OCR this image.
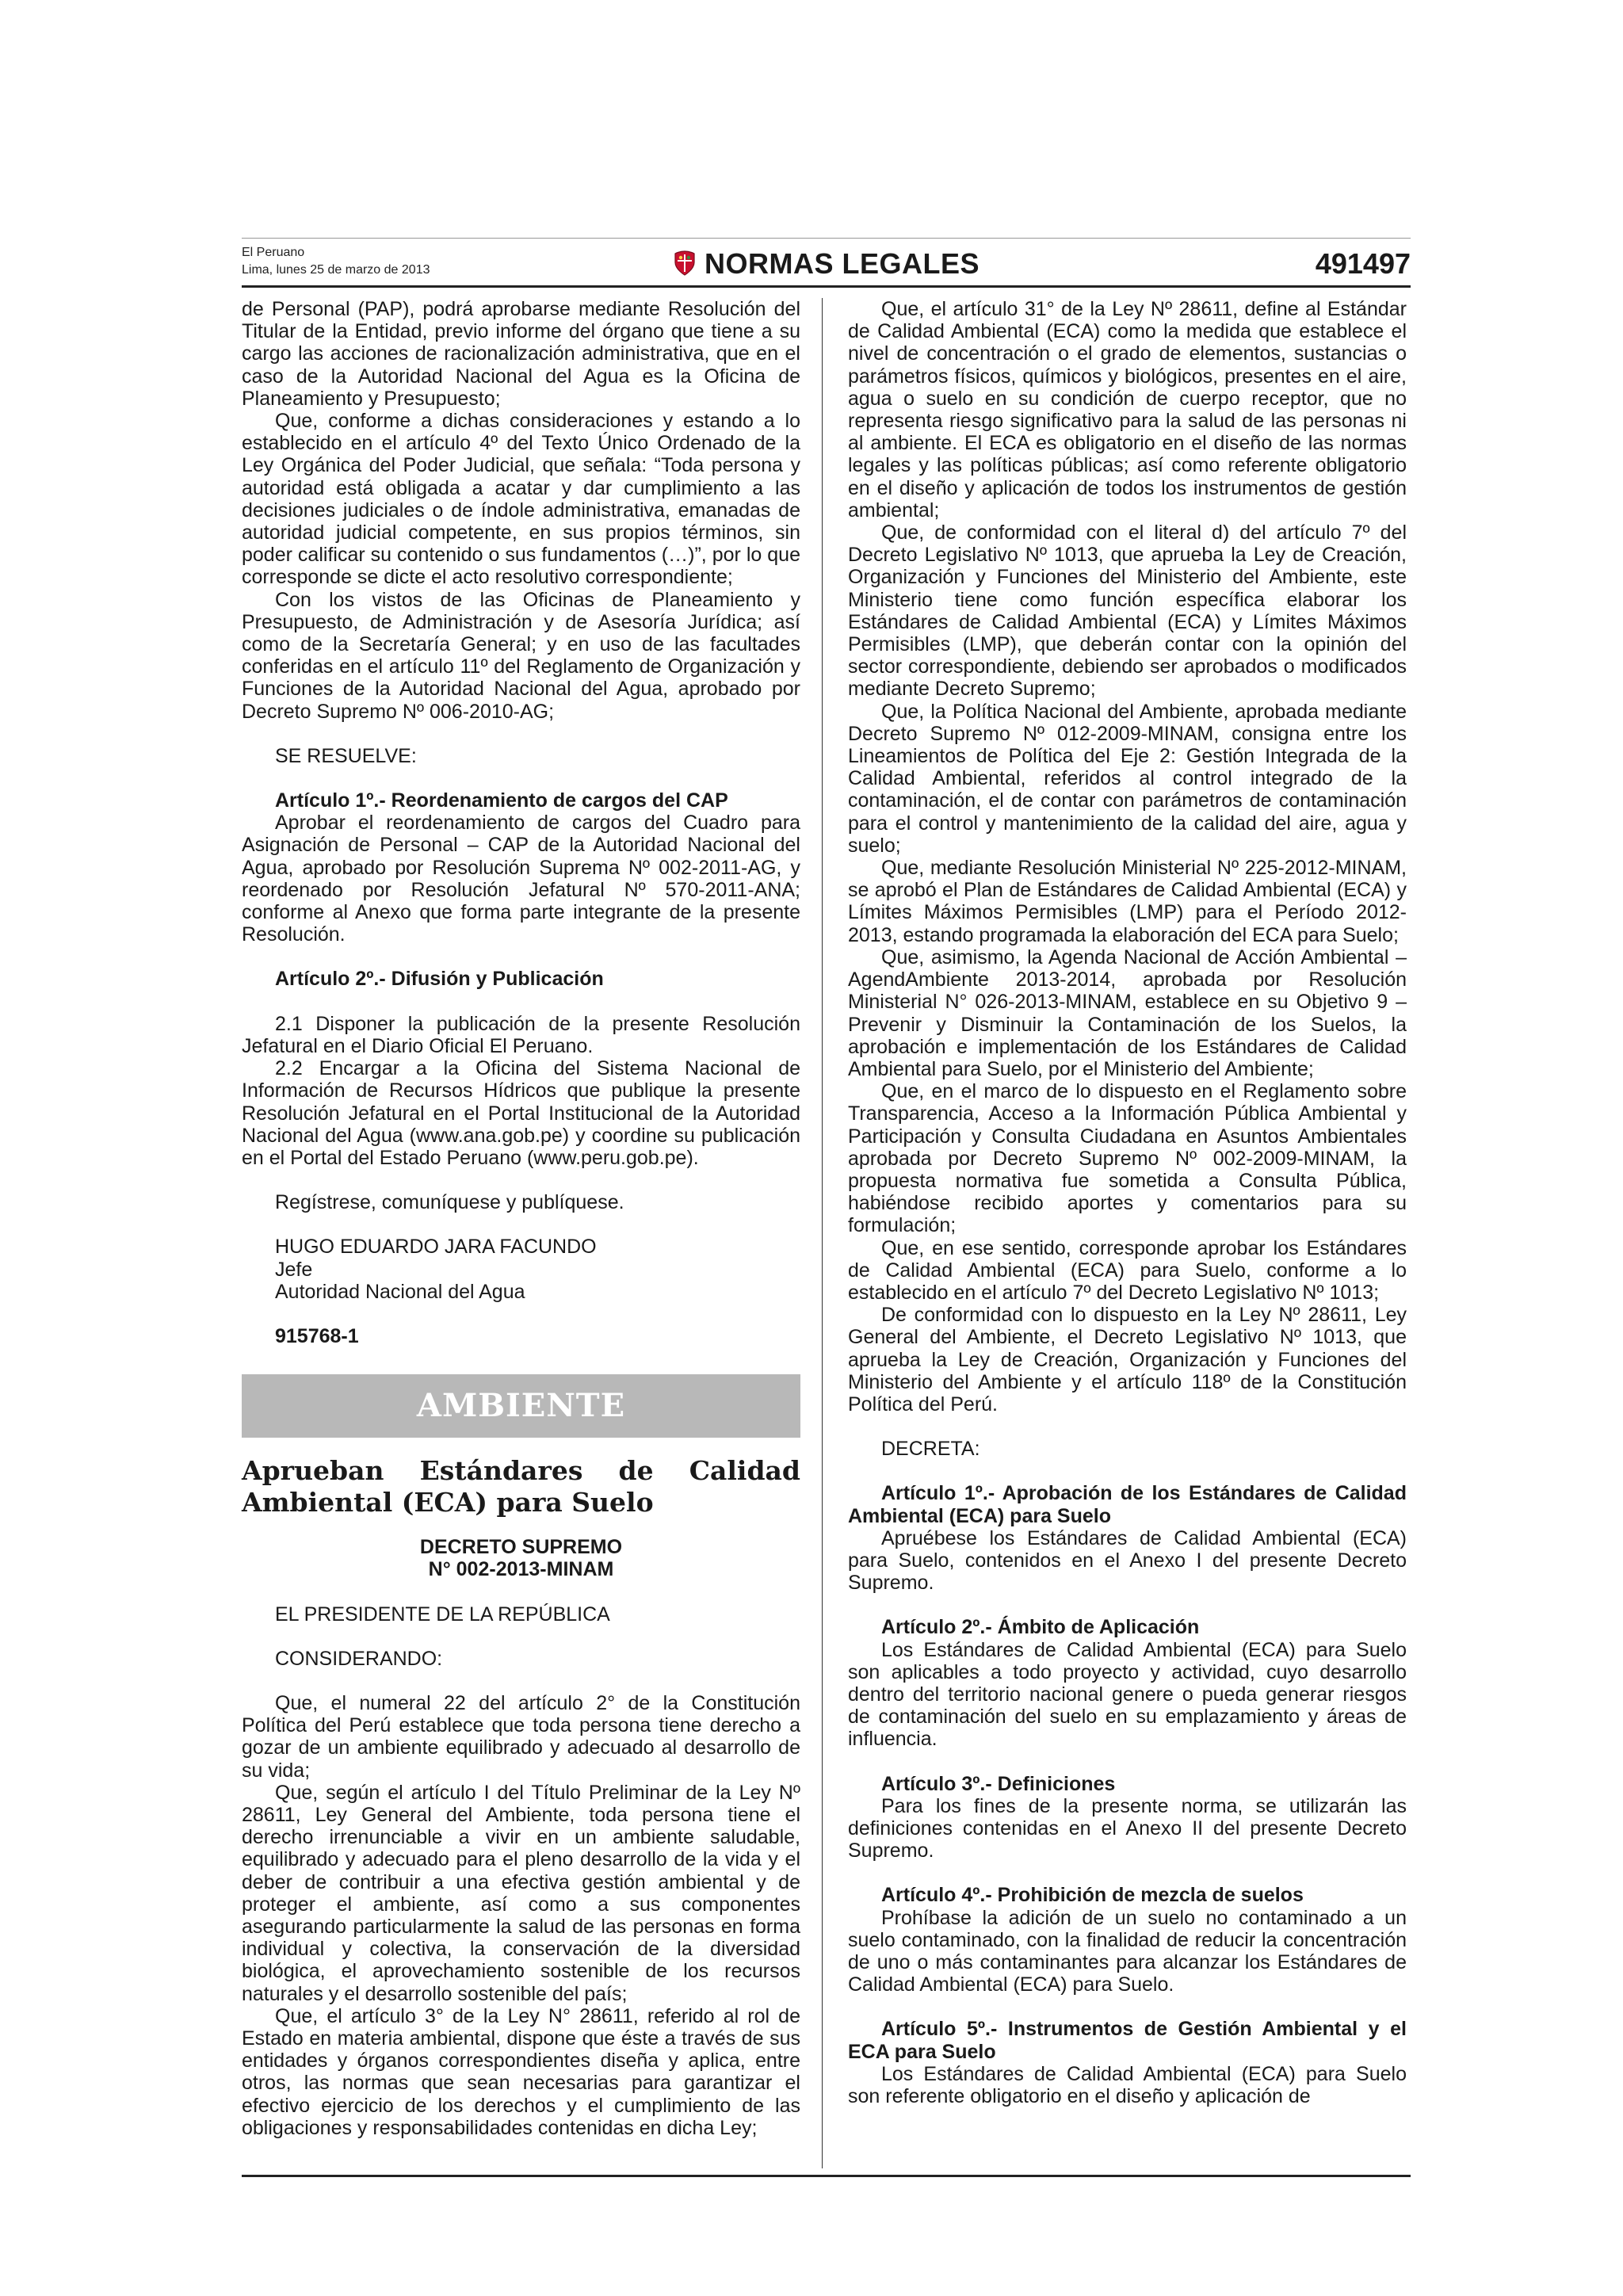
El Peruano
Lima, lunes 25 de marzo de 2013	NORMAS LEGALES	491497

de Personal (PAP), podrá aprobarse mediante Resolución del Titular de la Entidad, previo informe del órgano que tiene a su cargo las acciones de racionalización administrativa, que en el caso de la Autoridad Nacional del Agua es la Oficina de Planeamiento y Presupuesto;

Que, conforme a dichas consideraciones y estando a lo establecido en el artículo 4º del Texto Único Ordenado de la Ley Orgánica del Poder Judicial, que señala: “Toda persona y autoridad está obligada a acatar y dar cumplimiento a las decisiones judiciales o de índole administrativa, emanadas de autoridad judicial competente, en sus propios términos, sin poder calificar su contenido o sus fundamentos (…)”, por lo que corresponde se dicte el acto resolutivo correspondiente;

Con los vistos de las Oficinas de Planeamiento y Presupuesto, de Administración y de Asesoría Jurídica; así como de la Secretaría General; y en uso de las facultades conferidas en el artículo 11º del Reglamento de Organización y Funciones de la Autoridad Nacional del Agua, aprobado por Decreto Supremo Nº 006-2010-AG;

SE RESUELVE:

Artículo 1º.- Reordenamiento de cargos del CAP

Aprobar el reordenamiento de cargos del Cuadro para Asignación de Personal – CAP de la Autoridad Nacional del Agua, aprobado por Resolución Suprema Nº 002-2011-AG, y reordenado por Resolución Jefatural Nº 570-2011-ANA; conforme al Anexo que forma parte integrante de la presente Resolución.

Artículo 2º.- Difusión y Publicación

2.1 Disponer la publicación de la presente Resolución Jefatural en el Diario Oficial El Peruano.

2.2 Encargar a la Oficina del Sistema Nacional de Información de Recursos Hídricos que publique la presente Resolución Jefatural en el Portal Institucional de la Autoridad Nacional del Agua (www.ana.gob.pe) y coordine su publicación en el Portal del Estado Peruano (www.peru.gob.pe).

Regístrese, comuníquese y publíquese.

HUGO EDUARDO JARA FACUNDO

Jefe

Autoridad Nacional del Agua

915768-1

AMBIENTE

Aprueban Estándares de Calidad Ambiental (ECA) para Suelo

DECRETO SUPREMO

N° 002-2013-MINAM

EL PRESIDENTE DE LA REPÚBLICA

CONSIDERANDO:

Que, el numeral 22 del artículo 2° de la Constitución Política del Perú establece que toda persona tiene derecho a gozar de un ambiente equilibrado y adecuado al desarrollo de su vida;

Que, según el artículo I del Título Preliminar de la Ley Nº 28611, Ley General del Ambiente, toda persona tiene el derecho irrenunciable a vivir en un ambiente saludable, equilibrado y adecuado para el pleno desarrollo de la vida y el deber de contribuir a una efectiva gestión ambiental y de proteger el ambiente, así como a sus componentes asegurando particularmente la salud de las personas en forma individual y colectiva, la conservación de la diversidad biológica, el aprovechamiento sostenible de los recursos naturales y el desarrollo sostenible del país;

Que, el artículo 3° de la Ley N° 28611, referido al rol de Estado en materia ambiental, dispone que éste a través de sus entidades y órganos correspondientes diseña y aplica, entre otros, las normas que sean necesarias para garantizar el efectivo ejercicio de los derechos y el cumplimiento de las obligaciones y responsabilidades contenidas en dicha Ley;

Que, el artículo 31° de la Ley Nº 28611, define al Estándar de Calidad Ambiental (ECA) como la medida que establece el nivel de concentración o el grado de elementos, sustancias o parámetros físicos, químicos y biológicos, presentes en el aire, agua o suelo en su condición de cuerpo receptor, que no representa riesgo significativo para la salud de las personas ni al ambiente. El ECA es obligatorio en el diseño de las normas legales y las políticas públicas; así como referente obligatorio en el diseño y aplicación de todos los instrumentos de gestión ambiental;

Que, de conformidad con el literal d) del artículo 7º del Decreto Legislativo Nº 1013, que aprueba la Ley de Creación, Organización y Funciones del Ministerio del Ambiente, este Ministerio tiene como función específica elaborar los Estándares de Calidad Ambiental (ECA) y Límites Máximos Permisibles (LMP), que deberán contar con la opinión del sector correspondiente, debiendo ser aprobados o modificados mediante Decreto Supremo;

Que, la Política Nacional del Ambiente, aprobada mediante Decreto Supremo Nº 012-2009-MINAM, consigna entre los Lineamientos de Política del Eje 2: Gestión Integrada de la Calidad Ambiental, referidos al control integrado de la contaminación, el de contar con parámetros de contaminación para el control y mantenimiento de la calidad del aire, agua y suelo;

Que, mediante Resolución Ministerial Nº 225-2012-MINAM, se aprobó el Plan de Estándares de Calidad Ambiental (ECA) y Límites Máximos Permisibles (LMP) para el Período 2012-2013, estando programada la elaboración del ECA para Suelo;

Que, asimismo, la Agenda Nacional de Acción Ambiental – AgendAmbiente 2013-2014, aprobada por Resolución Ministerial N° 026-2013-MINAM, establece en su Objetivo 9 – Prevenir y Disminuir la Contaminación de los Suelos, la aprobación e implementación de los Estándares de Calidad Ambiental para Suelo, por el Ministerio del Ambiente;

Que, en el marco de lo dispuesto en el Reglamento sobre Transparencia, Acceso a la Información Pública Ambiental y Participación y Consulta Ciudadana en Asuntos Ambientales aprobada por Decreto Supremo Nº 002-2009-MINAM, la propuesta normativa fue sometida a Consulta Pública, habiéndose recibido aportes y comentarios para su formulación;

Que, en ese sentido, corresponde aprobar los Estándares de Calidad Ambiental (ECA) para Suelo, conforme a lo establecido en el artículo 7º del Decreto Legislativo Nº 1013;

De conformidad con lo dispuesto en la Ley Nº 28611, Ley General del Ambiente, el Decreto Legislativo Nº 1013, que aprueba la Ley de Creación, Organización y Funciones del Ministerio del Ambiente y el artículo 118º de la Constitución Política del Perú.

DECRETA:

Artículo 1º.- Aprobación de los Estándares de Calidad Ambiental (ECA) para Suelo

Apruébese los Estándares de Calidad Ambiental (ECA) para Suelo, contenidos en el Anexo I del presente Decreto Supremo.

Artículo 2º.- Ámbito de Aplicación

Los Estándares de Calidad Ambiental (ECA) para Suelo son aplicables a todo proyecto y actividad, cuyo desarrollo dentro del territorio nacional genere o pueda generar riesgos de contaminación del suelo en su emplazamiento y áreas de influencia.

Artículo 3º.- Definiciones

Para los fines de la presente norma, se utilizarán las definiciones contenidas en el Anexo II del presente Decreto Supremo.

Artículo 4º.- Prohibición de mezcla de suelos

Prohíbase la adición de un suelo no contaminado a un suelo contaminado, con la finalidad de reducir la concentración de uno o más contaminantes para alcanzar los Estándares de Calidad Ambiental (ECA) para Suelo.

Artículo 5º.- Instrumentos de Gestión Ambiental y el ECA para Suelo

Los Estándares de Calidad Ambiental (ECA) para Suelo son referente obligatorio en el diseño y aplicación de
